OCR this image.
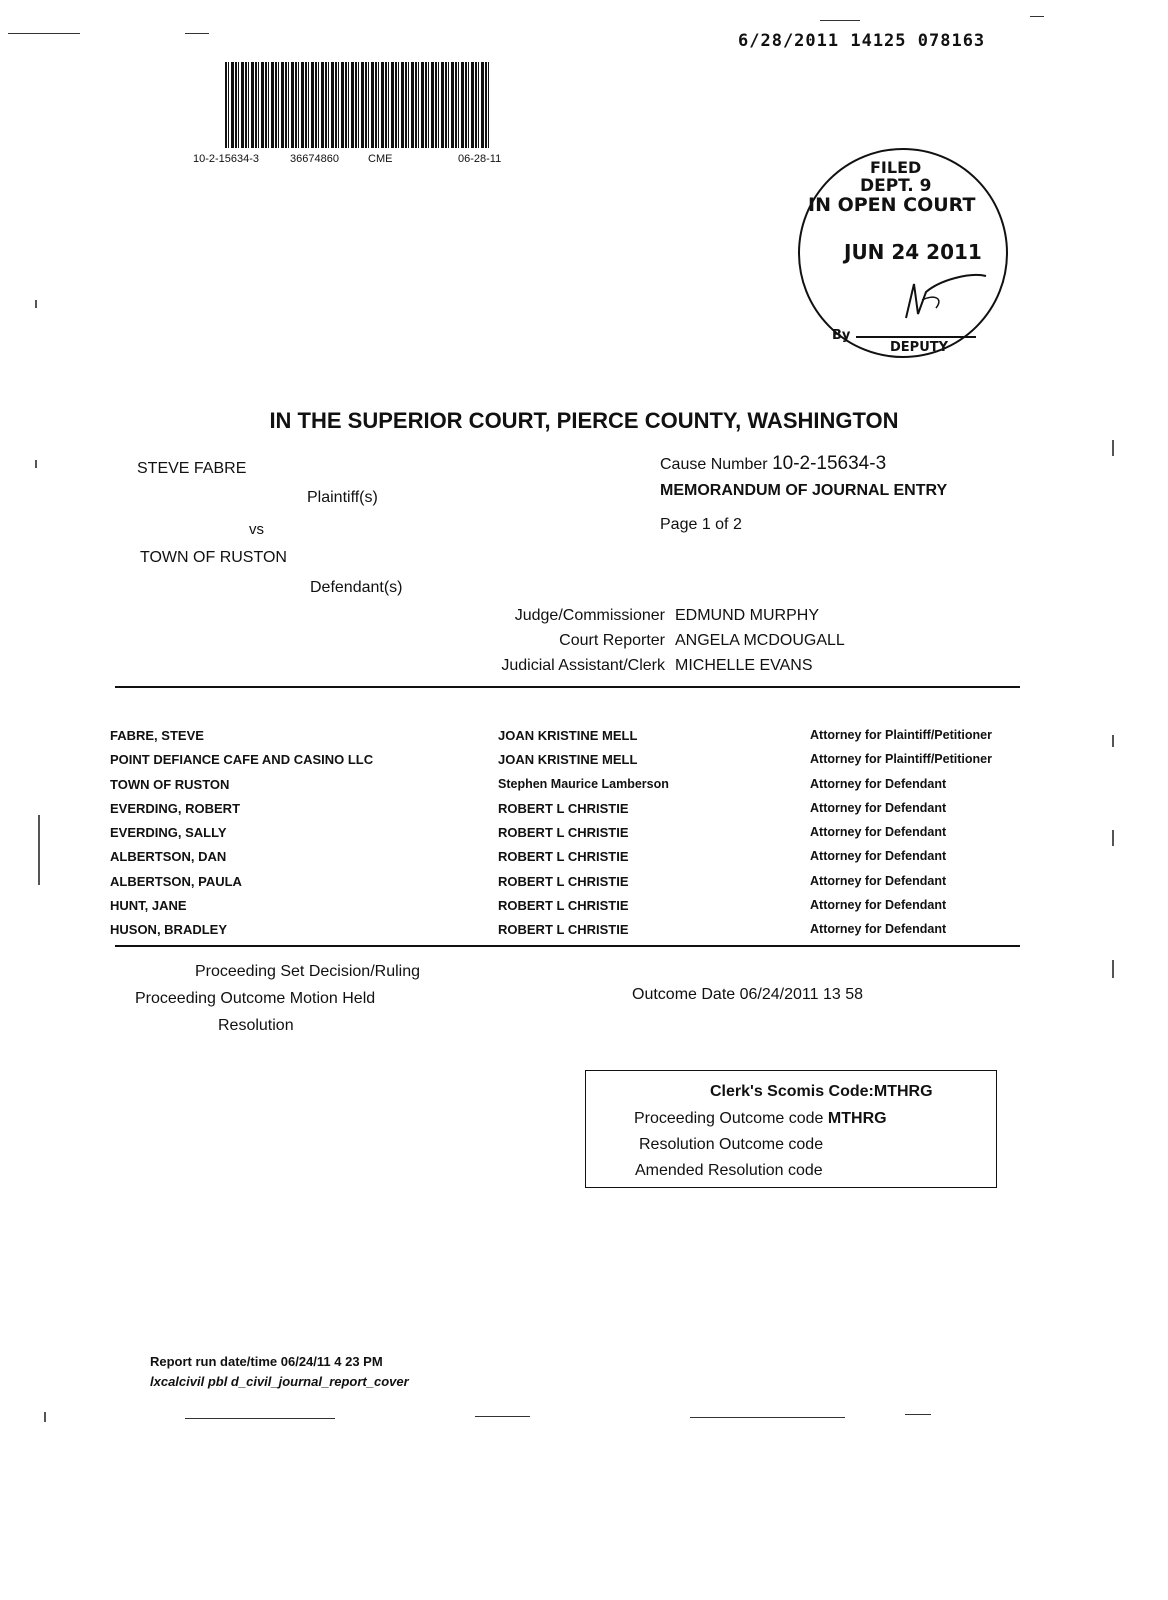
6/28/2011 14125 078163
10-2-15634-3	36674860	CME	06-28-11	FILED
DEPT. 9
IN OPEN COURT
JUN 24 2011
By
DEPUTY
IN THE SUPERIOR COURT, PIERCE COUNTY, WASHINGTON
STEVE FABRE
Plaintiff(s)
vs
TOWN OF RUSTON
Defendant(s)
Cause Number 10-2-15634-3
MEMORANDUM OF JOURNAL ENTRY
Page 1 of 2
Judge/Commissioner EDMUND MURPHY
Court Reporter ANGELA MCDOUGALL
Judicial Assistant/Clerk MICHELLE EVANS
FABRE, STEVE	JOAN KRISTINE MELL	Attorney for Plaintiff/Petitioner
POINT DEFIANCE CAFE AND CASINO LLC	JOAN KRISTINE MELL	Attorney for Plaintiff/Petitioner
TOWN OF RUSTON	Stephen Maurice Lamberson	Attorney for Defendant
EVERDING, ROBERT	ROBERT L CHRISTIE	Attorney for Defendant
EVERDING, SALLY	ROBERT L CHRISTIE	Attorney for Defendant
ALBERTSON, DAN	ROBERT L CHRISTIE	Attorney for Defendant
ALBERTSON, PAULA	ROBERT L CHRISTIE	Attorney for Defendant
HUNT, JANE	ROBERT L CHRISTIE	Attorney for Defendant
HUSON, BRADLEY	ROBERT L CHRISTIE	Attorney for Defendant
Proceeding Set Decision/Ruling
Proceeding Outcome Motion Held
Resolution
Outcome Date 06/24/2011 13 58
Clerk's Scomis Code:MTHRG
Proceeding Outcome code MTHRG
Resolution Outcome code
Amended Resolution code
Report run date/time 06/24/11 4 23 PM
lxcalcivil pbl d_civil_journal_report_cover
